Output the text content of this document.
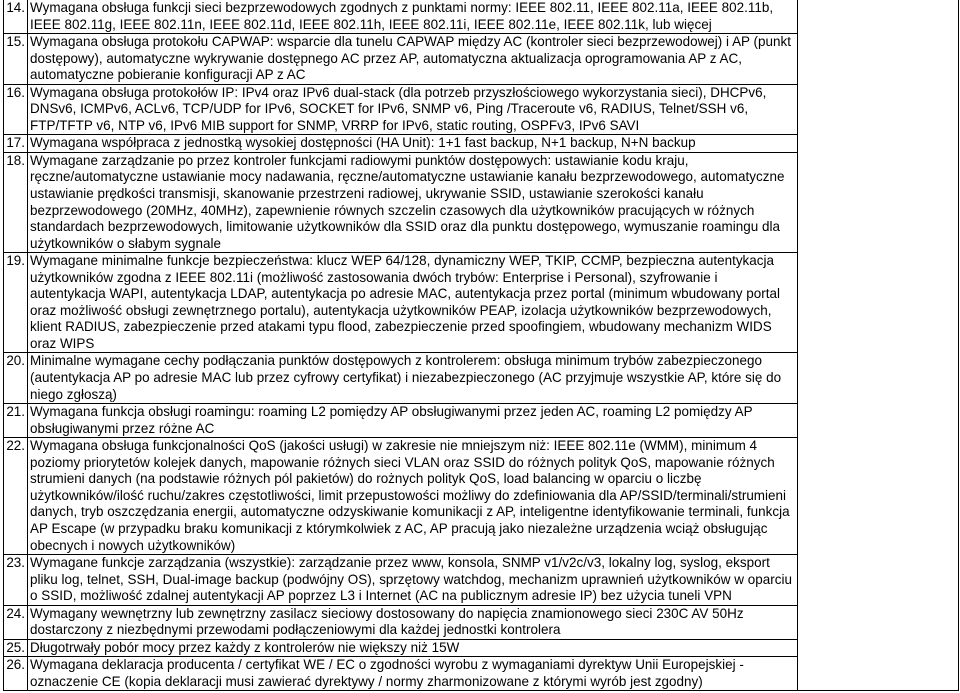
14.	Wymagana obsługa funkcji sieci bezprzewodowych zgodnych z punktami normy: IEEE 802.11, IEEE 802.11a, IEEE 802.11b, IEEE 802.11g, IEEE 802.11n, IEEE 802.11d, IEEE 802.11h, IEEE 802.11i, IEEE 802.11e, IEEE 802.11k, lub więcej	
15.	Wymagana obsługa protokołu CAPWAP: wsparcie dla tunelu CAPWAP między AC (kontroler sieci bezprzewodowej) i AP (punkt dostępowy), automatyczne wykrywanie dostępnego AC przez AP, automatyczna aktualizacja oprogramowania AP z AC, automatyczne pobieranie konfiguracji AP z AC	
16.	Wymagana obsługa protokołów IP: IPv4 oraz IPv6 dual-stack (dla potrzeb przyszłościowego wykorzystania sieci), DHCPv6, DNSv6, ICMPv6, ACLv6, TCP/UDP for IPv6, SOCKET for IPv6, SNMP v6, Ping /Traceroute v6, RADIUS, Telnet/SSH v6, FTP/TFTP v6, NTP v6, IPv6 MIB support for SNMP, VRRP for IPv6, static routing, OSPFv3, IPv6 SAVI	
17.	Wymagana współpraca z jednostką wysokiej dostępności (HA Unit): 1+1 fast backup, N+1 backup, N+N backup	
18.	Wymagane zarządzanie po przez kontroler funkcjami radiowymi punktów dostępowych: ustawianie kodu kraju, ręczne/automatyczne ustawianie mocy nadawania, ręczne/automatyczne ustawianie kanału bezprzewodowego, automatyczne ustawianie prędkości transmisji, skanowanie przestrzeni radiowej, ukrywanie SSID, ustawianie szerokości kanału bezprzewodowego (20MHz, 40MHz), zapewnienie równych szczelin czasowych dla użytkowników pracujących w różnych standardach bezprzewodowych, limitowanie użytkowników dla SSID oraz dla punktu dostępowego, wymuszanie roamingu dla użytkowników o słabym sygnale	
19.	Wymagane minimalne funkcje bezpieczeństwa: klucz WEP 64/128, dynamiczny WEP, TKIP, CCMP, bezpieczna autentykacja użytkowników zgodna z IEEE 802.11i (możliwość zastosowania dwóch trybów: Enterprise i Personal), szyfrowanie i autentykacja WAPI, autentykacja LDAP, autentykacja po adresie MAC, autentykacja przez portal (minimum wbudowany portal oraz możliwość obsługi zewnętrznego portalu), autentykacja użytkowników PEAP, izolacja użytkowników bezprzewodowych, klient RADIUS, zabezpieczenie przed atakami typu flood, zabezpieczenie przed spoofingiem, wbudowany mechanizm WIDS oraz WIPS	
20.	Minimalne wymagane cechy podłączania punktów dostępowych z kontrolerem: obsługa minimum trybów zabezpieczonego (autentykacja AP po adresie MAC lub przez cyfrowy certyfikat) i niezabezpieczonego (AC przyjmuje wszystkie AP, które się do niego zgłoszą)	
21.	Wymagana funkcja obsługi roamingu: roaming L2 pomiędzy AP obsługiwanymi przez jeden AC, roaming L2 pomiędzy AP obsługiwanymi przez różne AC	
22.	Wymagana obsługa funkcjonalności QoS (jakości usługi) w zakresie nie mniejszym niż: IEEE 802.11e (WMM), minimum 4 poziomy priorytetów kolejek danych, mapowanie różnych sieci VLAN oraz SSID do różnych polityk QoS, mapowanie różnych strumieni danych (na podstawie różnych pól pakietów) do rożnych polityk QoS, load balancing w oparciu o liczbę użytkowników/ilość ruchu/zakres częstotliwości, limit przepustowości możliwy do zdefiniowania dla AP/SSID/terminali/strumieni danych, tryb oszczędzania energii, automatyczne odzyskiwanie komunikacji z AP, inteligentne identyfikowanie terminali, funkcja AP Escape (w przypadku braku komunikacji z którymkolwiek z AC, AP pracują jako niezależne urządzenia wciąż obsługując obecnych i nowych użytkowników)	
23.	Wymagane funkcje zarządzania (wszystkie): zarządzanie przez www, konsola, SNMP v1/v2c/v3, lokalny log, syslog, eksport pliku log, telnet, SSH, Dual-image backup (podwójny OS), sprzętowy watchdog, mechanizm uprawnień użytkowników w oparciu o SSID, możliwość zdalnej autentykacji AP poprzez L3 i Internet (AC na publicznym adresie IP) bez użycia tuneli VPN	
24.	Wymagany wewnętrzny lub zewnętrzny zasilacz sieciowy dostosowany do napięcia znamionowego sieci 230C AV 50Hz dostarczony z niezbędnymi przewodami podłączeniowymi dla każdej jednostki kontrolera	
25.	Długotrwały pobór mocy przez każdy z kontrolerów nie większy niż 15W	
26.	Wymagana deklaracja producenta / certyfikat WE / EC o zgodności wyrobu z wymaganiami dyrektyw Unii Europejskiej - oznaczenie CE (kopia deklaracji musi zawierać dyrektywy / normy zharmonizowane z którymi wyrób jest zgodny)	
